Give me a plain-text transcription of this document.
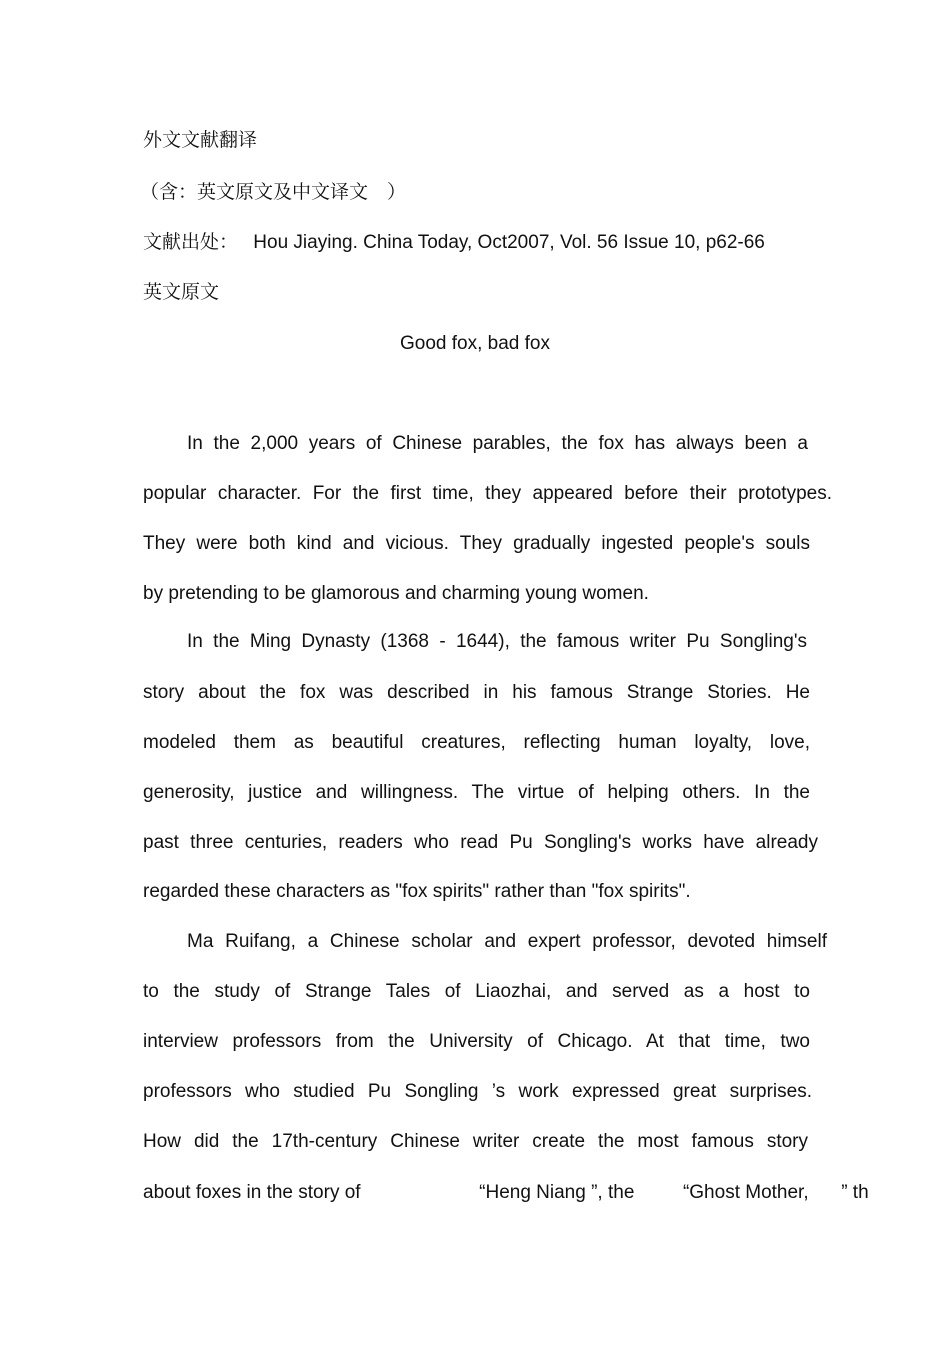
外文文献翻译
（含：英文原文及中文译文　）
文献出处： Hou Jiaying. China Today, Oct2007, Vol. 56 Issue 10, p62-66
英文原文
Good fox, bad fox
In the 2,000 years of Chinese parables, the fox has always been a
popular character. For the first time, they appeared before their prototypes.
They were both kind and vicious. They gradually ingested people's souls
by pretending to be glamorous and charming young women.
In the Ming Dynasty (1368 - 1644), the famous writer Pu Songling's
story about the fox was described in his famous Strange Stories. He
modeled them as beautiful creatures, reflecting human loyalty, love,
generosity, justice and willingness. The virtue of helping others. In the
past three centuries, readers who read Pu Songling's works have already
regarded these characters as "fox spirits" rather than "fox spirits".
Ma Ruifang, a Chinese scholar and expert professor, devoted himself
to the study of Strange Tales of Liaozhai, and served as a host to
interview professors from the University of Chicago. At that time, two
professors who studied Pu Songling ’s work expressed great surprises.
How did the 17th-century Chinese writer create the most famous story
about foxes in the story of	“Heng Niang ”, the	“Ghost Mother, ” th
